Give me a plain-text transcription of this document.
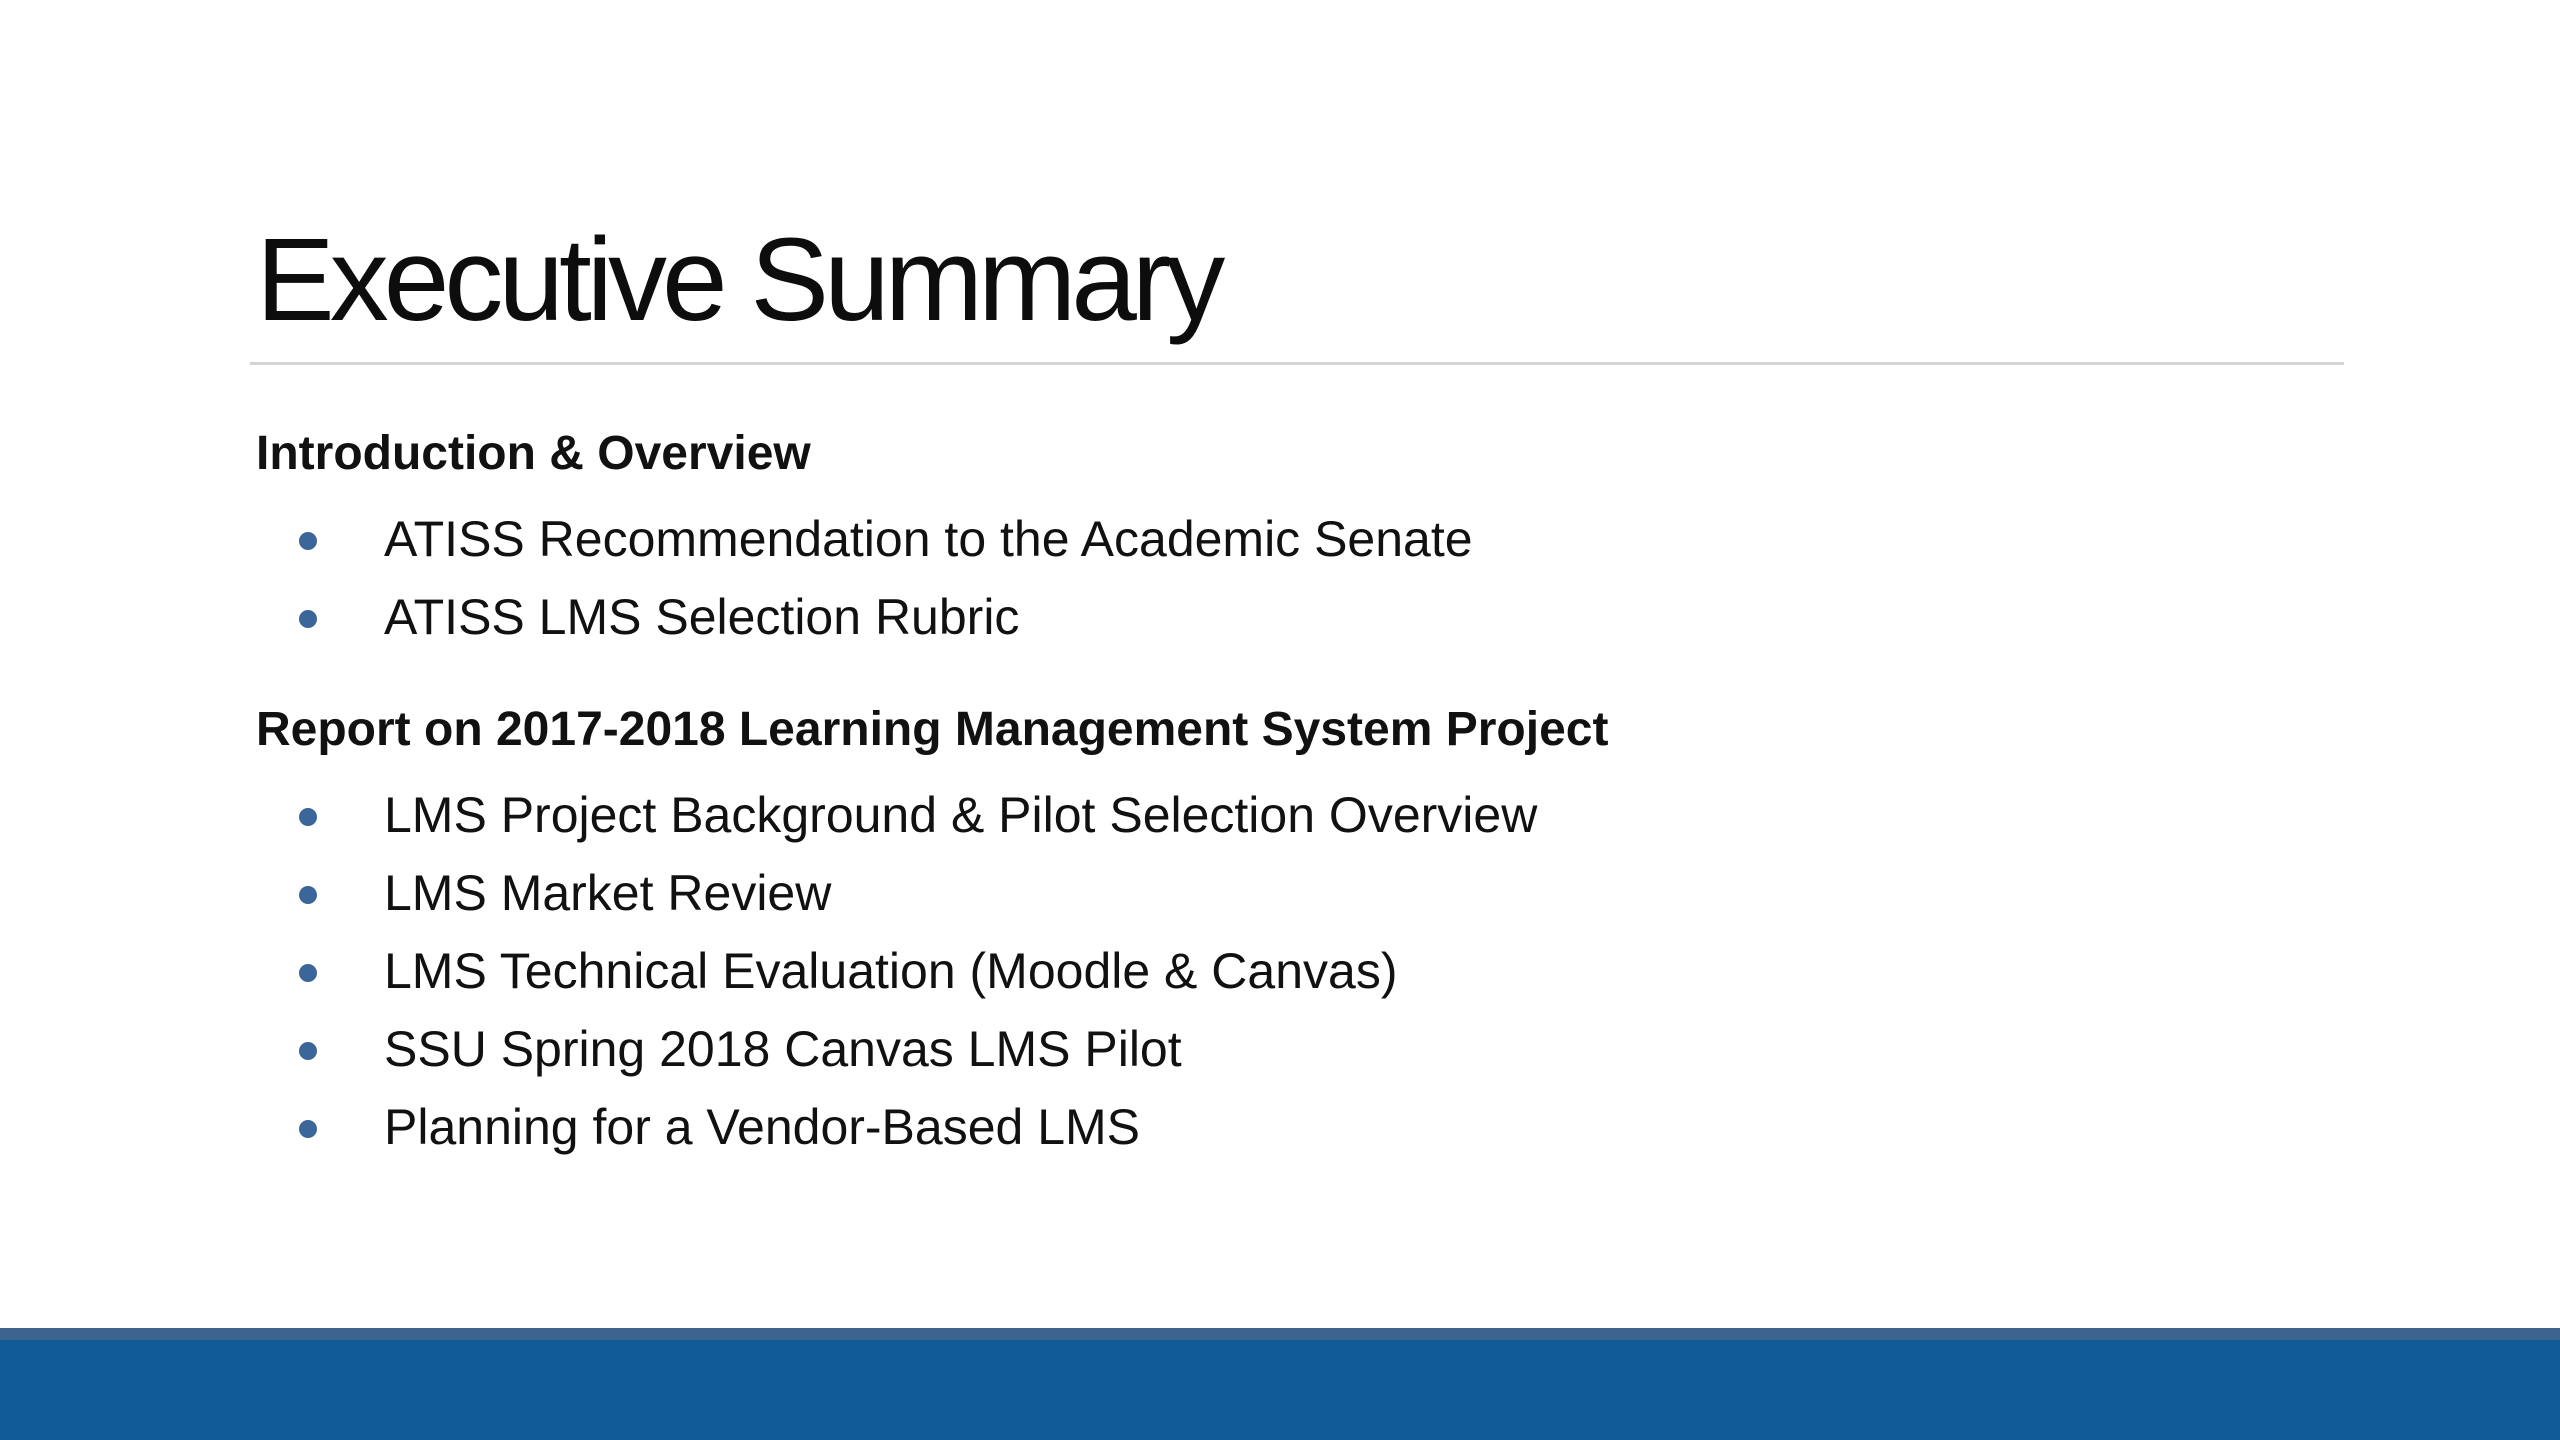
Executive Summary
Introduction & Overview
ATISS Recommendation to the Academic Senate
ATISS LMS Selection Rubric
Report on 2017-2018 Learning Management System Project
LMS Project Background & Pilot Selection Overview
LMS Market Review
LMS Technical Evaluation (Moodle & Canvas)
SSU Spring 2018 Canvas LMS Pilot
Planning for a Vendor-Based LMS
